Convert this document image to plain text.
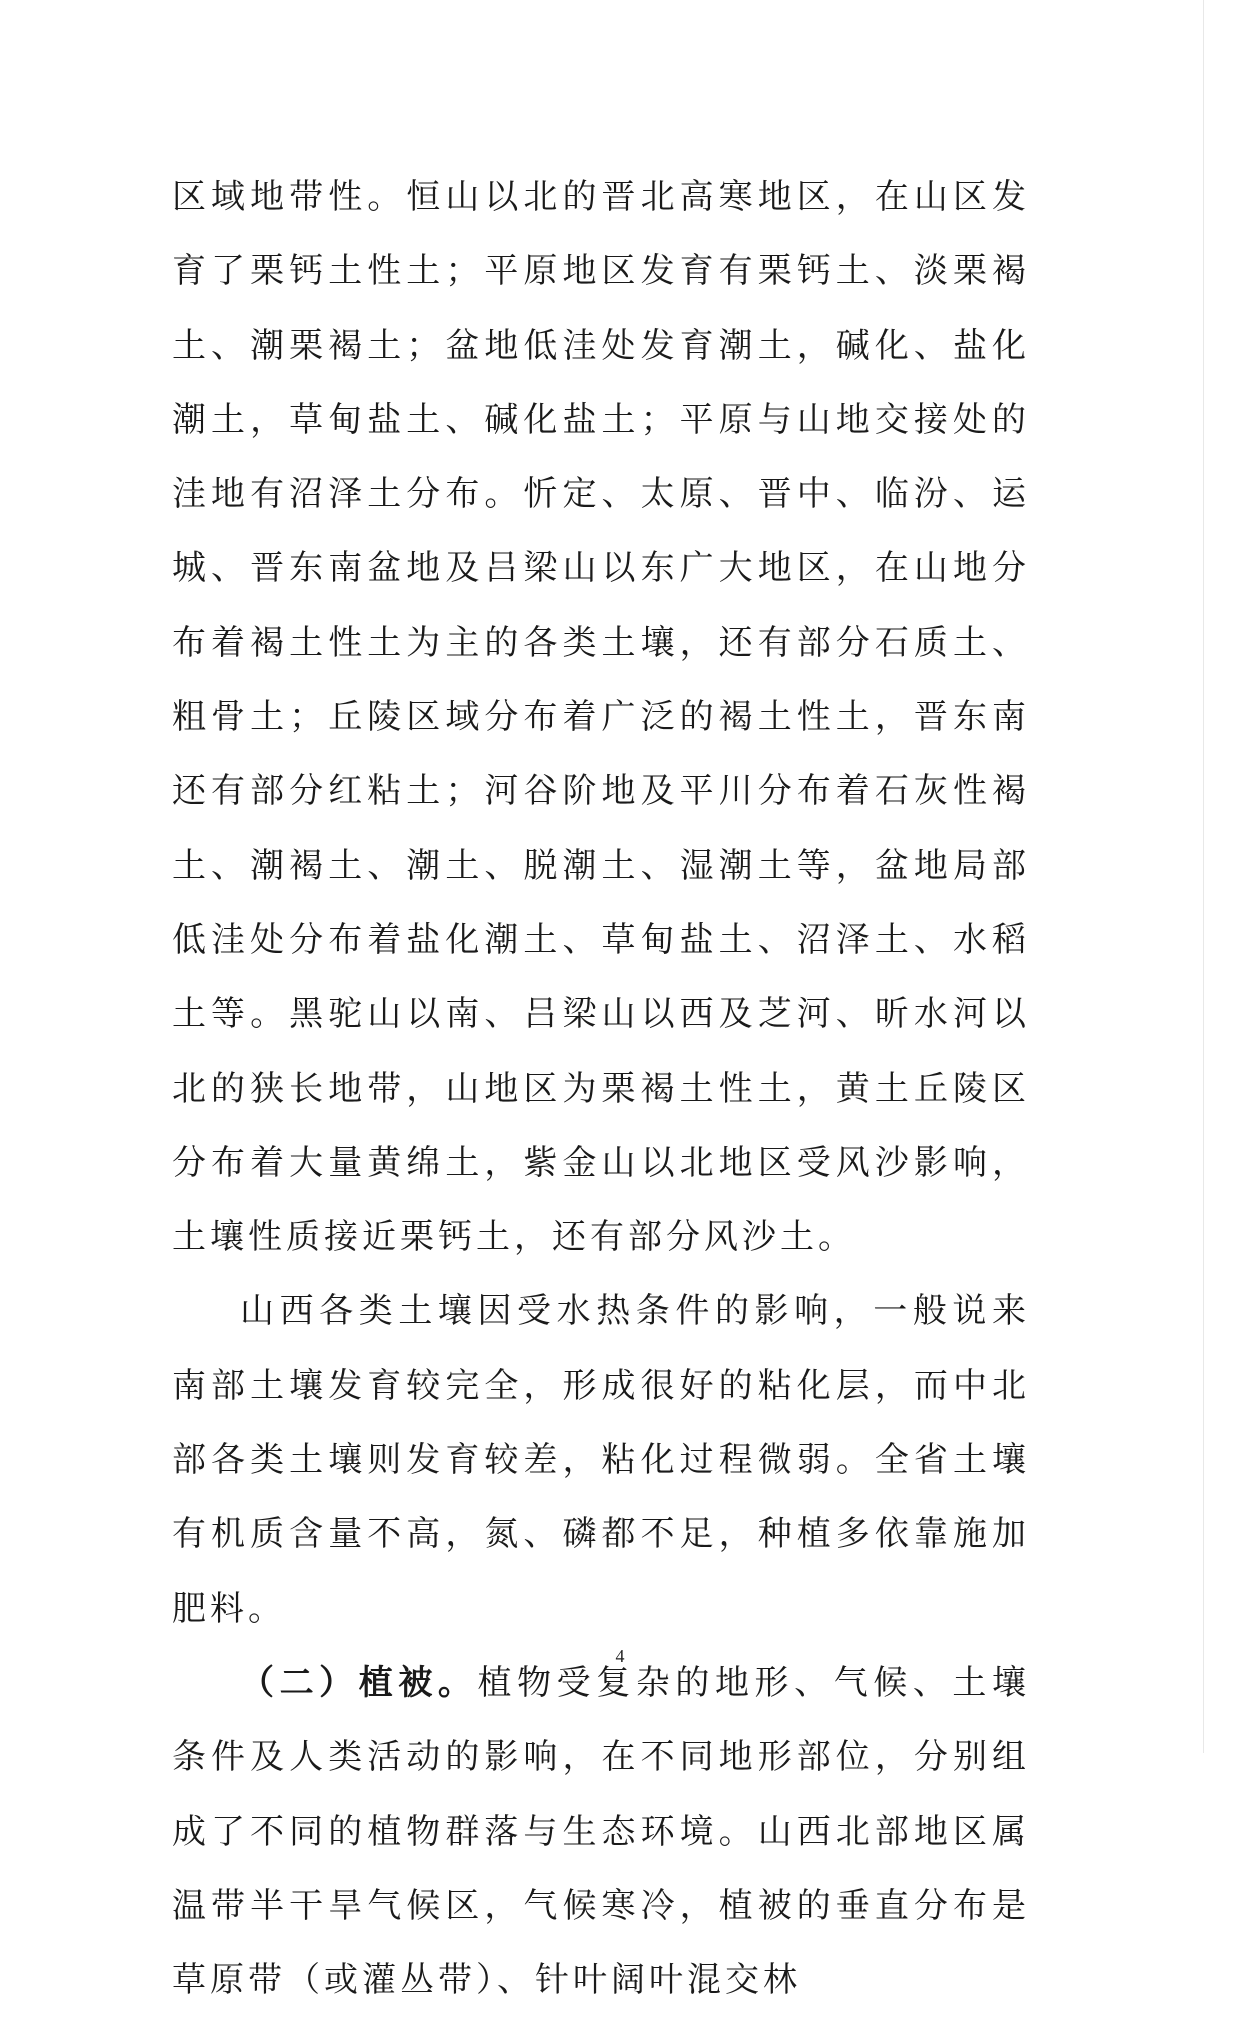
区域地带性。恒山以北的晋北高寒地区，在山区发育了栗钙土性土；平原地区发育有栗钙土、淡栗褐土、潮栗褐土；盆地低洼处发育潮土，碱化、盐化潮土，草甸盐土、碱化盐土；平原与山地交接处的洼地有沼泽土分布。忻定、太原、晋中、临汾、运城、晋东南盆地及吕梁山以东广大地区，在山地分布着褐土性土为主的各类土壤，还有部分石质土、粗骨土；丘陵区域分布着广泛的褐土性土，晋东南还有部分红粘土；河谷阶地及平川分布着石灰性褐土、潮褐土、潮土、脱潮土、湿潮土等，盆地局部低洼处分布着盐化潮土、草甸盐土、沼泽土、水稻土等。黑驼山以南、吕梁山以西及芝河、昕水河以北的狭长地带，山地区为栗褐土性土，黄土丘陵区分布着大量黄绵土，紫金山以北地区受风沙影响，土壤性质接近栗钙土，还有部分风沙土。

山西各类土壤因受水热条件的影响，一般说来南部土壤发育较完全，形成很好的粘化层，而中北部各类土壤则发育较差，粘化过程微弱。全省土壤有机质含量不高，氮、磷都不足，种植多依靠施加肥料。

（二）植被。植物受复杂的地形、气候、土壤条件及人类活动的影响，在不同地形部位，分别组成了不同的植物群落与生态环境。山西北部地区属温带半干旱气候区，气候寒冷，植被的垂直分布是草原带（或灌丛带）、针叶阔叶混交林

4
